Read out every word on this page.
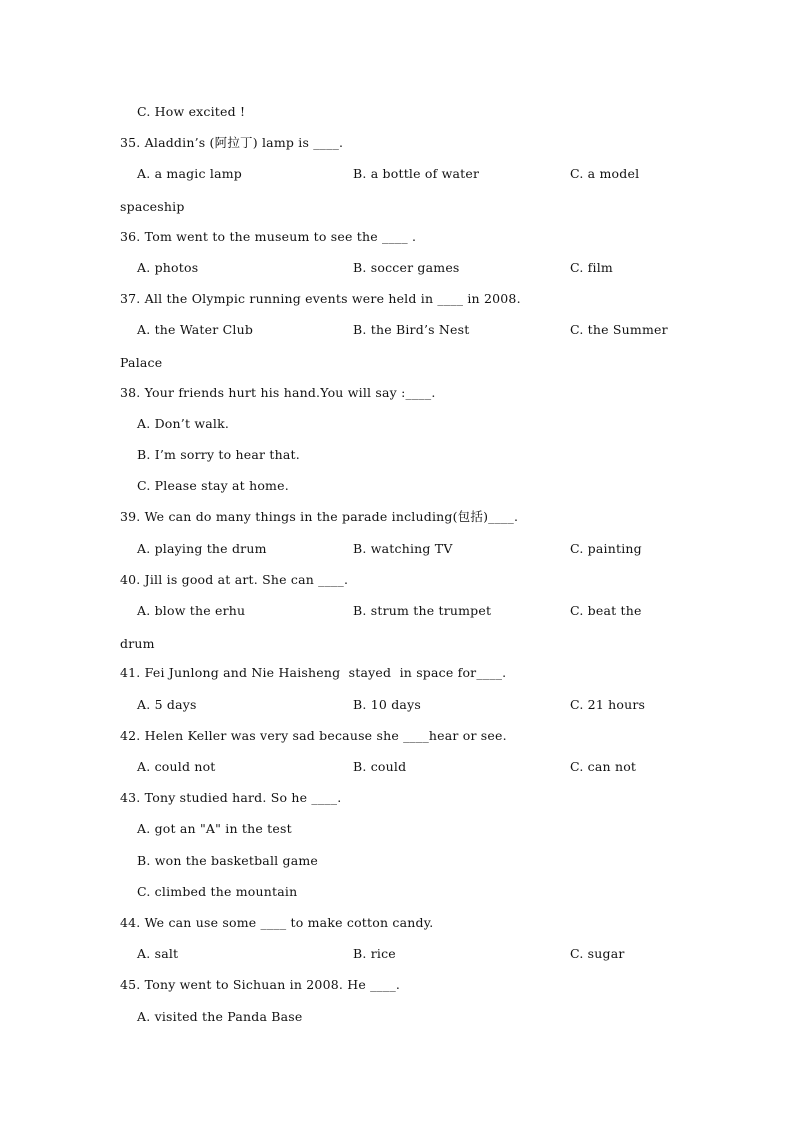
C. How excited !
35. Aladdin’s (阿拉丁) lamp is ____.
A. a magic lamp	B. a bottle of water	C. a model
spaceship
36. Tom went to the museum to see the ____ .
A. photos	B. soccer games	C. film
37. All the Olympic running events were held in ____ in 2008.
A. the Water Club	B. the Bird’s Nest	C. the Summer
Palace
38. Your friends hurt his hand.You will say :____.
A. Don’t walk.
B. I’m sorry to hear that.
C. Please stay at home.
39. We can do many things in the parade including(包括)____.
A. playing the drum	B. watching TV	C. painting
40. Jill is good at art. She can ____.
A. blow the erhu	B. strum the trumpet	C. beat the
drum
41. Fei Junlong and Nie Haisheng  stayed  in space for____.
A. 5 days	B. 10 days	C. 21 hours
42. Helen Keller was very sad because she ____hear or see.
A. could not	B. could	C. can not
43. Tony studied hard. So he ____.
A. got an "A" in the test
B. won the basketball game
C. climbed the mountain
44. We can use some ____ to make cotton candy.
A. salt	B. rice	C. sugar
45. Tony went to Sichuan in 2008. He ____.
A. visited the Panda Base
